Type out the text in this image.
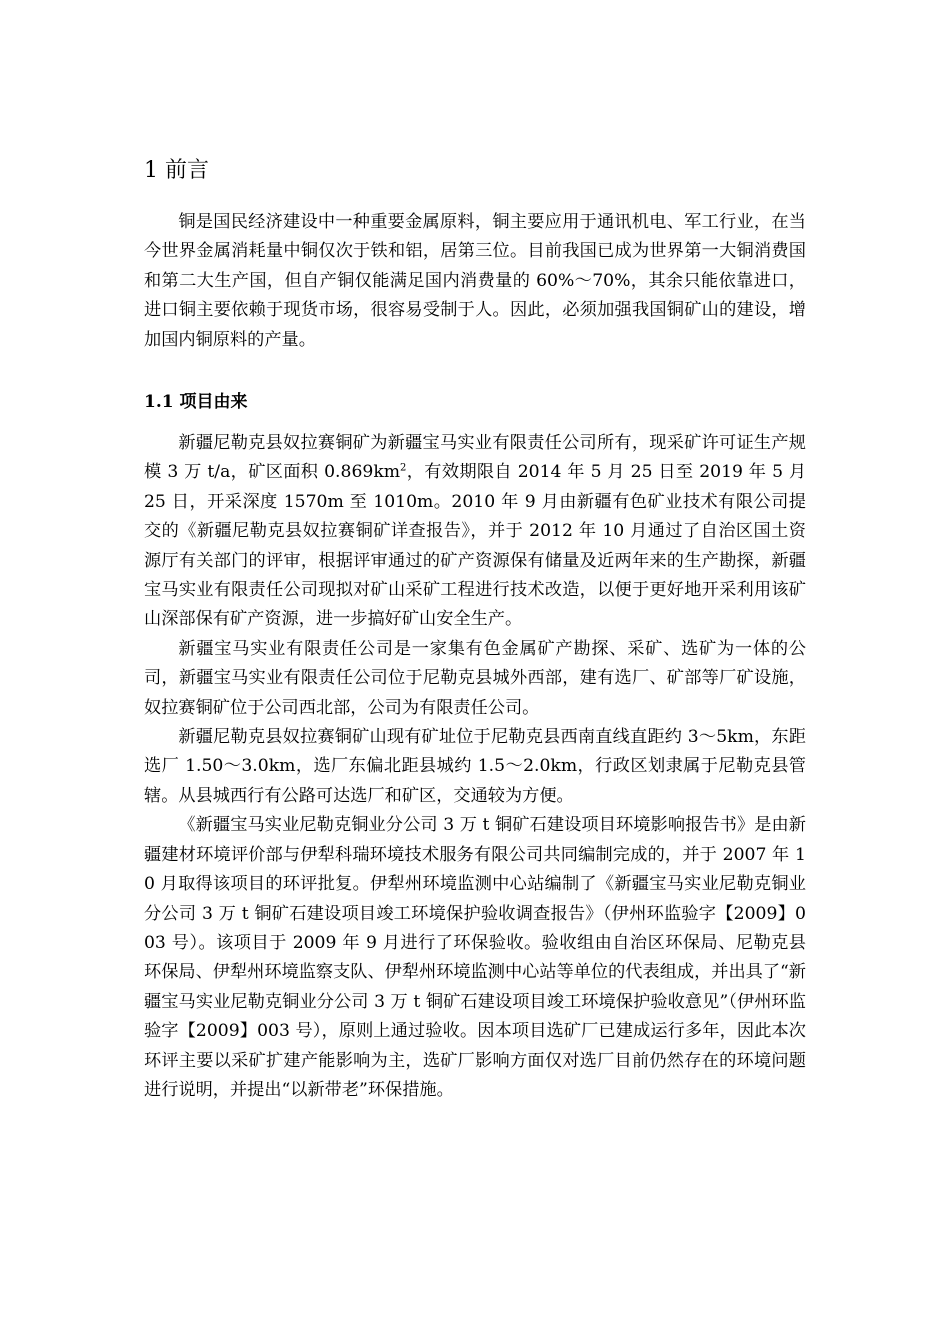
1 前言

铜是国民经济建设中一种重要金属原料，铜主要应用于通讯机电、军工行业，在当今世界金属消耗量中铜仅次于铁和铝，居第三位。目前我国已成为世界第一大铜消费国和第二大生产国，但自产铜仅能满足国内消费量的 60%～70%，其余只能依靠进口，进口铜主要依赖于现货市场，很容易受制于人。因此，必须加强我国铜矿山的建设，增加国内铜原料的产量。

1.1 项目由来

新疆尼勒克县奴拉赛铜矿为新疆宝马实业有限责任公司所有，现采矿许可证生产规模 3 万 t/a，矿区面积 $0.869km^2$，有效期限自 2014 年 5 月 25 日至 2019 年 5 月 25 日，开采深度 1570m 至 1010m。2010 年 9 月由新疆有色矿业技术有限公司提交的《新疆尼勒克县奴拉赛铜矿详查报告》，并于 2012 年 10 月通过了自治区国土资源厅有关部门的评审，根据评审通过的矿产资源保有储量及近两年来的生产勘探，新疆宝马实业有限责任公司现拟对矿山采矿工程进行技术改造，以便于更好地开采利用该矿山深部保有矿产资源，进一步搞好矿山安全生产。

新疆宝马实业有限责任公司是一家集有色金属矿产勘探、采矿、选矿为一体的公司，新疆宝马实业有限责任公司位于尼勒克县城外西部，建有选厂、矿部等厂矿设施，奴拉赛铜矿位于公司西北部，公司为有限责任公司。

新疆尼勒克县奴拉赛铜矿山现有矿址位于尼勒克县西南直线直距约 3～5km，东距选厂 1.50～3.0km，选厂东偏北距县城约 1.5～2.0km，行政区划隶属于尼勒克县管辖。从县城西行有公路可达选厂和矿区，交通较为方便。

《新疆宝马实业尼勒克铜业分公司 3 万 t 铜矿石建设项目环境影响报告书》是由新疆建材环境评价部与伊犁科瑞环境技术服务有限公司共同编制完成的，并于 2007 年 10 月取得该项目的环评批复。伊犁州环境监测中心站编制了《新疆宝马实业尼勒克铜业分公司 3 万 t 铜矿石建设项目竣工环境保护验收调查报告》（伊州环监验字【2009】003 号）。该项目于 2009 年 9 月进行了环保验收。验收组由自治区环保局、尼勒克县环保局、伊犁州环境监察支队、伊犁州环境监测中心站等单位的代表组成，并出具了“新疆宝马实业尼勒克铜业分公司 3 万 t 铜矿石建设项目竣工环境保护验收意见”（伊州环监验字【2009】003 号），原则上通过验收。因本项目选矿厂已建成运行多年，因此本次环评主要以采矿扩建产能影响为主，选矿厂影响方面仅对选厂目前仍然存在的环境问题进行说明，并提出“以新带老”环保措施。
